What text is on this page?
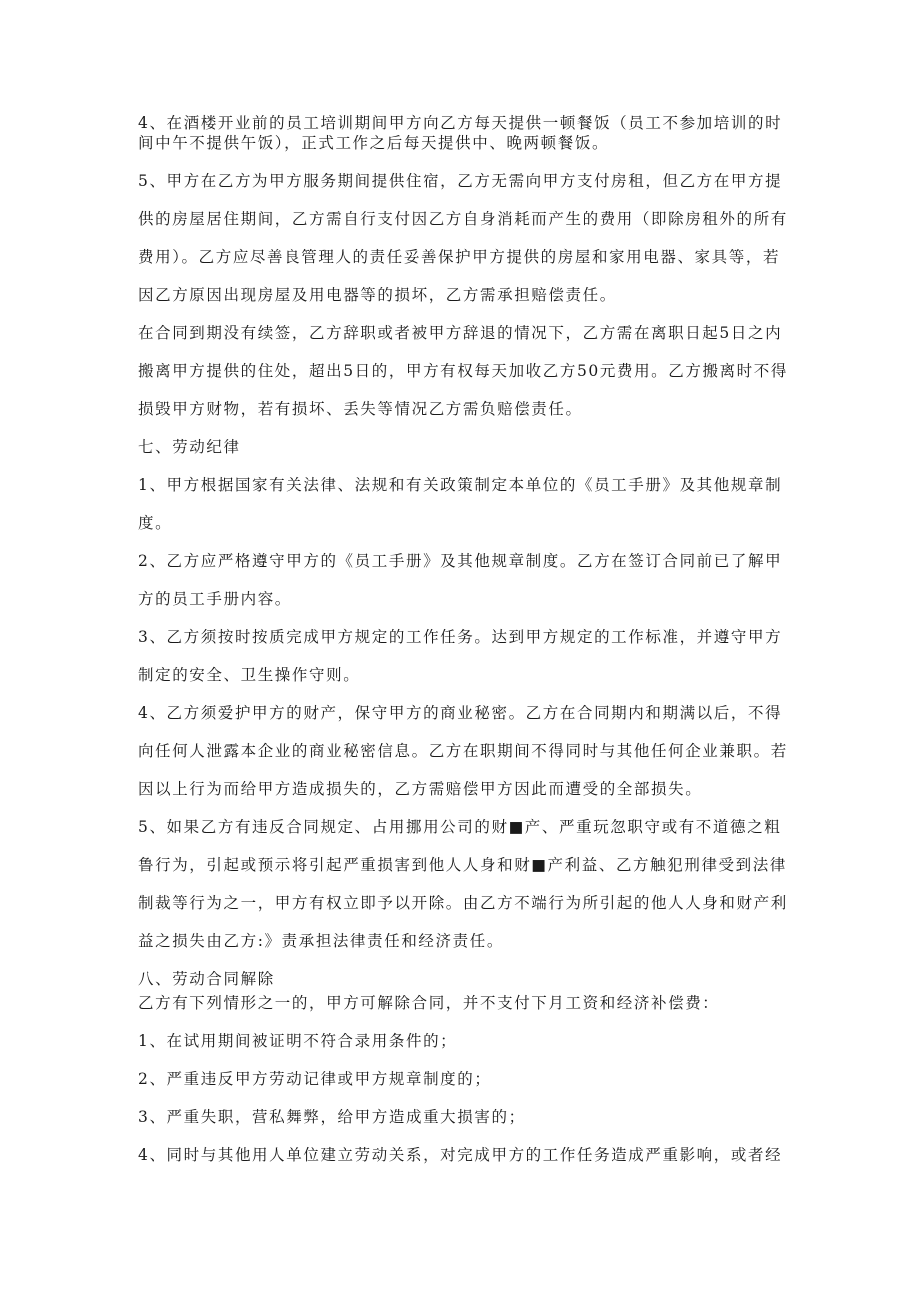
4、在酒楼开业前的员工培训期间甲方向乙方每天提供一顿餐饭（员工不参加培训的时
间中午不提供午饭），正式工作之后每天提供中、晚两顿餐饭。
5、甲方在乙方为甲方服务期间提供住宿，乙方无需向甲方支付房租，但乙方在甲方提
供的房屋居住期间，乙方需自行支付因乙方自身消耗而产生的费用（即除房租外的所有
费用）。乙方应尽善良管理人的责任妥善保护甲方提供的房屋和家用电器、家具等，若
因乙方原因出现房屋及用电器等的损坏，乙方需承担赔偿责任。
在合同到期没有续签，乙方辞职或者被甲方辞退的情况下，乙方需在离职日起5日之内
搬离甲方提供的住处，超出5日的，甲方有权每天加收乙方50元费用。乙方搬离时不得
损毁甲方财物，若有损坏、丢失等情况乙方需负赔偿责任。
七、劳动纪律
1、甲方根据国家有关法律、法规和有关政策制定本单位的《员工手册》及其他规章制
度。
2、乙方应严格遵守甲方的《员工手册》及其他规章制度。乙方在签订合同前已了解甲
方的员工手册内容。
3、乙方须按时按质完成甲方规定的工作任务。达到甲方规定的工作标准，并遵守甲方
制定的安全、卫生操作守则。
4、乙方须爱护甲方的财产，保守甲方的商业秘密。乙方在合同期内和期满以后，不得
向任何人泄露本企业的商业秘密信息。乙方在职期间不得同时与其他任何企业兼职。若
因以上行为而给甲方造成损失的，乙方需赔偿甲方因此而遭受的全部损失。
5、如果乙方有违反合同规定、占用挪用公司的财■产、严重玩忽职守或有不道德之粗
鲁行为，引起或预示将引起严重损害到他人人身和财■产利益、乙方触犯刑律受到法律
制裁等行为之一，甲方有权立即予以开除。由乙方不端行为所引起的他人人身和财产利
益之损失由乙方:》责承担法律责任和经济责任。
八、劳动合同解除
乙方有下列情形之一的，甲方可解除合同，并不支付下月工资和经济补偿费：
1、在试用期间被证明不符合录用条件的；
2、严重违反甲方劳动记律或甲方规章制度的；
3、严重失职，营私舞弊，给甲方造成重大损害的；
4、同时与其他用人单位建立劳动关系，对完成甲方的工作任务造成严重影响，或者经
